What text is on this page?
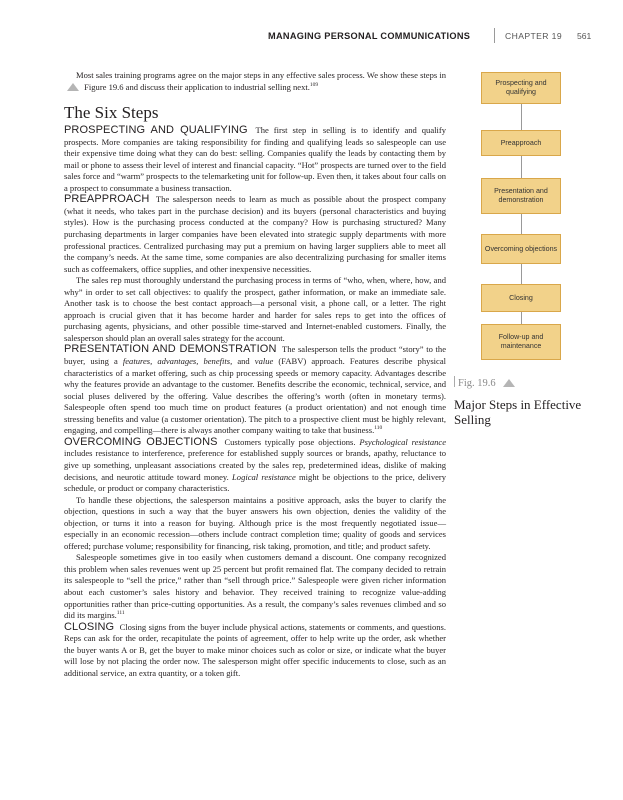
MANAGING PERSONAL COMMUNICATIONS	CHAPTER 19 561

Most sales training programs agree on the major steps in any effective sales process. We show these steps in  Figure 19.6 and discuss their application to industrial selling next.$^{109}$

The Six Steps

PROSPECTING AND QUALIFYING The first step in selling is to identify and qualify prospects. More companies are taking responsibility for finding and qualifying leads so salespeople can use their expensive time doing what they can do best: selling. Companies qualify the leads by contacting them by mail or phone to assess their level of interest and financial capacity. “Hot” prospects are turned over to the field sales force and “warm” prospects to the telemarketing unit for follow-up. Even then, it takes about four calls on a prospect to consummate a business transaction.

PREAPPROACH The salesperson needs to learn as much as possible about the prospect company (what it needs, who takes part in the purchase decision) and its buyers (personal characteristics and buying styles). How is the purchasing process conducted at the company? How is purchasing structured? Many purchasing departments in larger companies have been elevated into strategic supply departments with more professional practices. Centralized purchasing may put a premium on having larger suppliers able to meet all the company’s needs. At the same time, some companies are also decentralizing purchasing for smaller items such as coffeemakers, office supplies, and other inexpensive necessities.

The sales rep must thoroughly understand the purchasing process in terms of “who, when, where, how, and why” in order to set call objectives: to qualify the prospect, gather information, or make an immediate sale. Another task is to choose the best contact approach—a personal visit, a phone call, or a letter. The right approach is crucial given that it has become harder and harder for sales reps to get into the offices of purchasing agents, physicians, and other possible time-starved and Internet-enabled customers. Finally, the salesperson should plan an overall sales strategy for the account.

PRESENTATION AND DEMONSTRATION The salesperson tells the product “story” to the buyer, using a features, advantages, benefits, and value (FABV) approach. Features describe physical characteristics of a market offering, such as chip processing speeds or memory capacity. Advantages describe why the features provide an advantage to the customer. Benefits describe the economic, technical, service, and social pluses delivered by the offering. Value describes the offering’s worth (often in monetary terms). Salespeople often spend too much time on product features (a product orientation) and not enough time stressing benefits and value (a customer orientation). The pitch to a prospective client must be highly relevant, engaging, and compelling—there is always another company waiting to take that business.$^{110}$

OVERCOMING OBJECTIONS Customers typically pose objections. Psychological resistance includes resistance to interference, preference for established supply sources or brands, apathy, reluctance to give up something, unpleasant associations created by the sales rep, predetermined ideas, dislike of making decisions, and neurotic attitude toward money. Logical resistance might be objections to the price, delivery schedule, or product or company characteristics.

To handle these objections, the salesperson maintains a positive approach, asks the buyer to clarify the objection, questions in such a way that the buyer answers his own objection, denies the validity of the objection, or turns it into a reason for buying. Although price is the most frequently negotiated issue—especially in an economic recession—others include contract completion time; quality of goods and services offered; purchase volume; responsibility for financing, risk taking, promotion, and title; and product safety.

Salespeople sometimes give in too easily when customers demand a discount. One company recognized this problem when sales revenues went up 25 percent but profit remained flat. The company decided to retrain its salespeople to “sell the price,” rather than “sell through price.” Salespeople were given richer information about each customer’s sales history and behavior. They received training to recognize value-adding opportunities rather than price-cutting opportunities. As a result, the company’s sales revenues climbed and so did its margins.$^{111}$

CLOSING Closing signs from the buyer include physical actions, statements or comments, and questions. Reps can ask for the order, recapitulate the points of agreement, offer to help write up the order, ask whether the buyer wants A or B, get the buyer to make minor choices such as color or size, or indicate what the buyer will lose by not placing the order now. The salesperson might offer specific inducements to close, such as an additional service, an extra quantity, or a token gift.

Prospecting and qualifying
Preapproach
Presentation and demonstration
Overcoming objections
Closing
Follow-up and maintenance
Fig. 19.6
Major Steps in Effective Selling
